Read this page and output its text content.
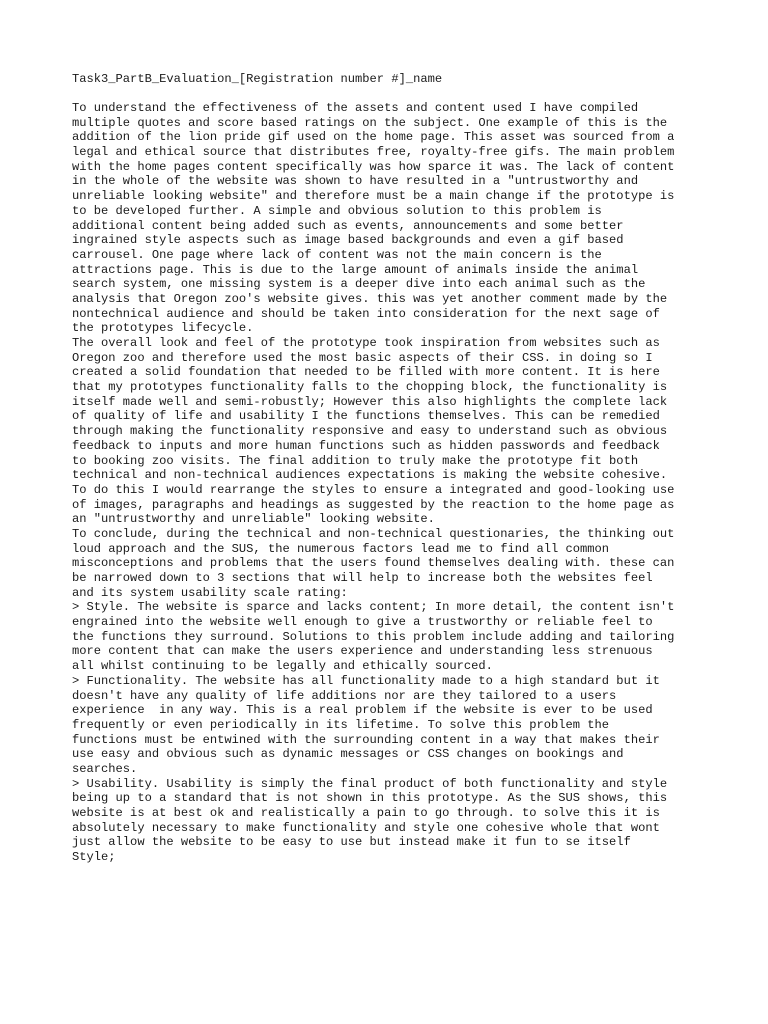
Task3_PartB_Evaluation_[Registration number #]_name
To understand the effectiveness of the assets and content used I have compiled
multiple quotes and score based ratings on the subject. One example of this is the
addition of the lion pride gif used on the home page. This asset was sourced from a
legal and ethical source that distributes free, royalty-free gifs. The main problem
with the home pages content specifically was how sparce it was. The lack of content
in the whole of the website was shown to have resulted in a "untrustworthy and
unreliable looking website" and therefore must be a main change if the prototype is
to be developed further. A simple and obvious solution to this problem is
additional content being added such as events, announcements and some better
ingrained style aspects such as image based backgrounds and even a gif based
carrousel. One page where lack of content was not the main concern is the
attractions page. This is due to the large amount of animals inside the animal
search system, one missing system is a deeper dive into each animal such as the
analysis that Oregon zoo's website gives. this was yet another comment made by the
nontechnical audience and should be taken into consideration for the next sage of
the prototypes lifecycle.
The overall look and feel of the prototype took inspiration from websites such as
Oregon zoo and therefore used the most basic aspects of their CSS. in doing so I
created a solid foundation that needed to be filled with more content. It is here
that my prototypes functionality falls to the chopping block, the functionality is
itself made well and semi-robustly; However this also highlights the complete lack
of quality of life and usability I the functions themselves. This can be remedied
through making the functionality responsive and easy to understand such as obvious
feedback to inputs and more human functions such as hidden passwords and feedback
to booking zoo visits. The final addition to truly make the prototype fit both
technical and non-technical audiences expectations is making the website cohesive.
To do this I would rearrange the styles to ensure a integrated and good-looking use
of images, paragraphs and headings as suggested by the reaction to the home page as
an "untrustworthy and unreliable" looking website.
To conclude, during the technical and non-technical questionaries, the thinking out
loud approach and the SUS, the numerous factors lead me to find all common
misconceptions and problems that the users found themselves dealing with. these can
be narrowed down to 3 sections that will help to increase both the websites feel
and its system usability scale rating:
> Style. The website is sparce and lacks content; In more detail, the content isn't
engrained into the website well enough to give a trustworthy or reliable feel to
the functions they surround. Solutions to this problem include adding and tailoring
more content that can make the users experience and understanding less strenuous
all whilst continuing to be legally and ethically sourced.
> Functionality. The website has all functionality made to a high standard but it
doesn't have any quality of life additions nor are they tailored to a users
experience  in any way. This is a real problem if the website is ever to be used
frequently or even periodically in its lifetime. To solve this problem the
functions must be entwined with the surrounding content in a way that makes their
use easy and obvious such as dynamic messages or CSS changes on bookings and
searches.
> Usability. Usability is simply the final product of both functionality and style
being up to a standard that is not shown in this prototype. As the SUS shows, this
website is at best ok and realistically a pain to go through. to solve this it is
absolutely necessary to make functionality and style one cohesive whole that wont
just allow the website to be easy to use but instead make it fun to se itself
Style;
